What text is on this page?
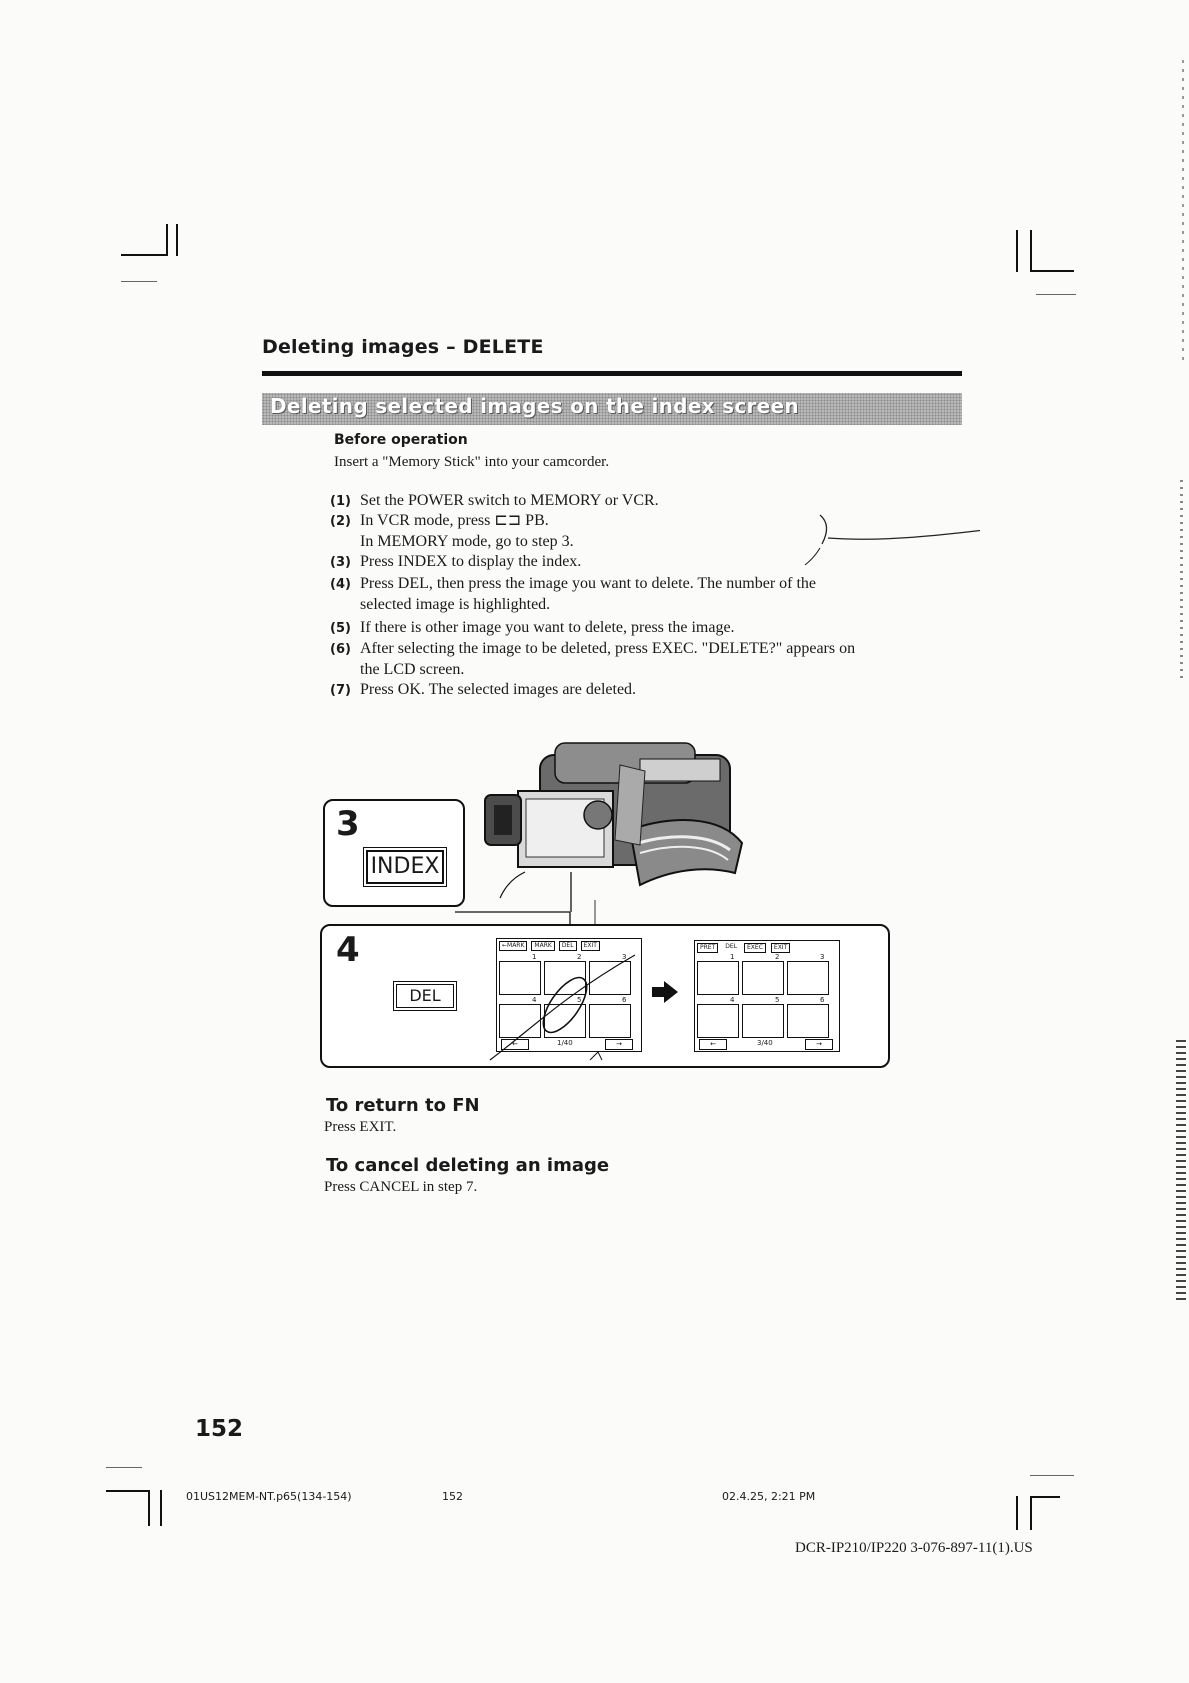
Deleting images – DELETE
Deleting selected images on the index screen
Before operation
Insert a "Memory Stick" into your camcorder.
(1) Set the POWER switch to MEMORY or VCR.
(2) In VCR mode, press ⊏⊐ PB.
In MEMORY mode, go to step 3.
(3) Press INDEX to display the index.
(4) Press DEL, then press the image you want to delete. The number of the
selected image is highlighted.
(5) If there is other image you want to delete, press the image.
(6) After selecting the image to be deleted, press EXEC. "DELETE?" appears on
the LCD screen.
(7) Press OK. The selected images are deleted.
3
INDEX
4
DEL
←MARK	MARK	DEL	EXIT
1	2	3
4	5	6
←	1/40	→
PRET	DEL	EXEC	EXIT
1	2	3
4	5	6
←	3/40	→
To return to FN
Press EXIT.
To cancel deleting an image
Press CANCEL in step 7.
152
01US12MEM-NT.p65(134-154)	152	02.4.25, 2:21 PM
DCR-IP210/IP220 3-076-897-11(1).US
